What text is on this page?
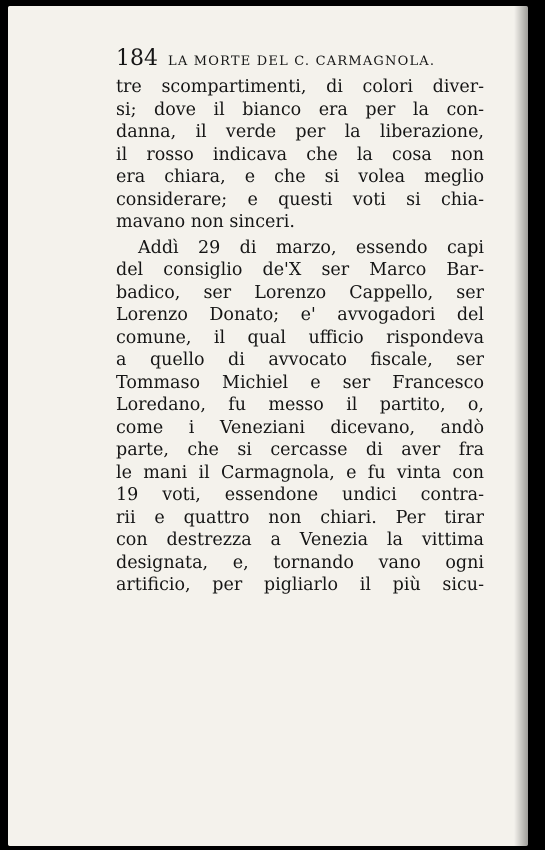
184 LA MORTE DEL C. CARMAGNOLA.
tre scompartimenti, di colori diver-
si; dove il bianco era per la con-
danna, il verde per la liberazione,
il rosso indicava che la cosa non
era chiara, e che si volea meglio
considerare; e questi voti si chia-
mavano non sinceri.
Addì 29 di marzo, essendo capi
del consiglio de'X ser Marco Bar-
badico, ser Lorenzo Cappello, ser
Lorenzo Donato; e' avvogadori del
comune, il qual ufficio rispondeva
a quello di avvocato fiscale, ser
Tommaso Michiel e ser Francesco
Loredano, fu messo il partito, o,
come i Veneziani dicevano, andò
parte, che si cercasse di aver fra
le mani il Carmagnola, e fu vinta con
19 voti, essendone undici contra-
rii e quattro non chiari. Per tirar
con destrezza a Venezia la vittima
designata, e, tornando vano ogni
artificio, per pigliarlo il più sicu-
